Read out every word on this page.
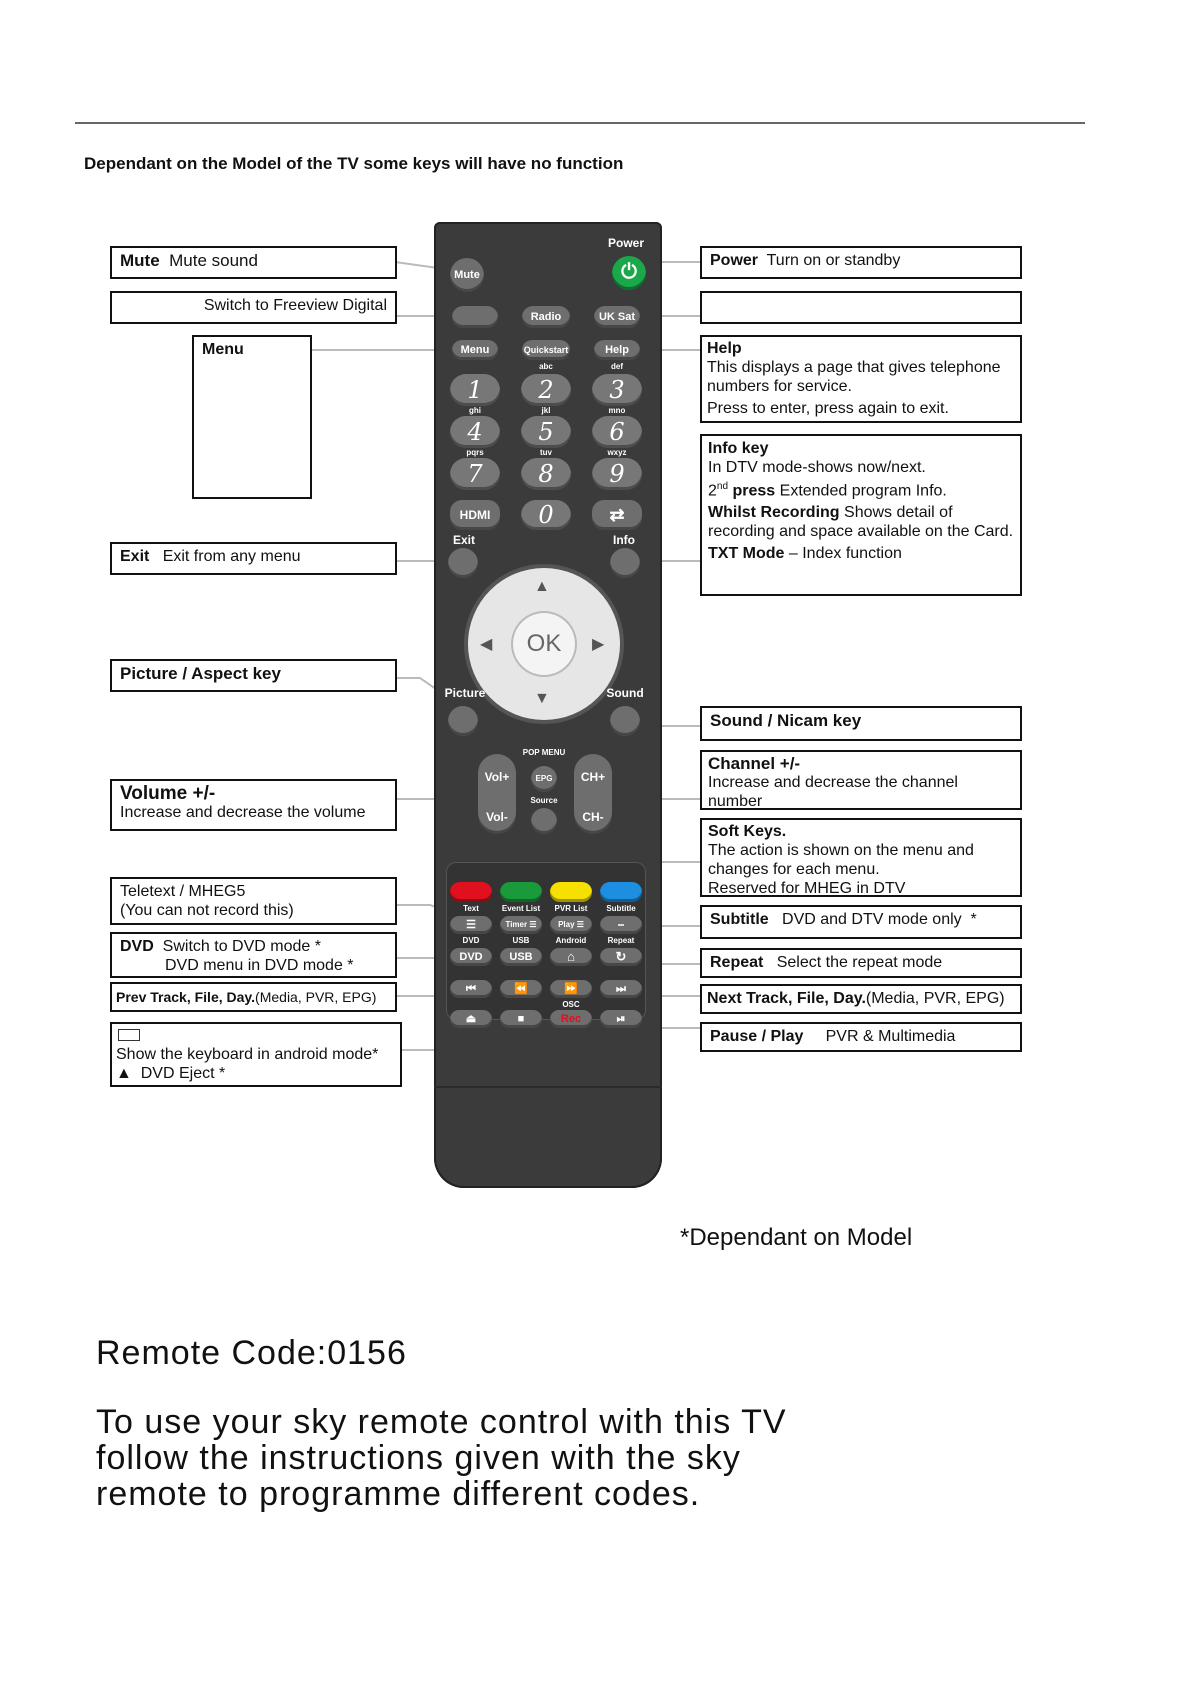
Dependant on the Model of the TV some keys will have no function
Mute Mute sound
Switch to Freeview Digital
Menu
Exit Exit from any menu
Picture / Aspect key
Volume +/-
Increase and decrease the volume
Teletext / MHEG5
(You can not record this)
DVD Switch to DVD mode *
DVD menu in DVD mode *
Prev Track, File, Day.(Media, PVR, EPG)
Show the keyboard in android mode*
▲ DVD Eject *
Power Turn on or standby
Help
This displays a page that gives telephone numbers for service.
Press to enter, press again to exit.
Info key
In DTV mode-shows now/next.
2nd press Extended program Info.
Whilst Recording Shows detail of recording and space available on the Card.
TXT Mode – Index function
Sound / Nicam key
Channel +/-
Increase and decrease the channel number
Soft Keys.
The action is shown on the menu and changes for each menu.
Reserved for MHEG in DTV
Subtitle DVD and DTV mode only *
Repeat Select the repeat mode
Next Track, File, Day.(Media, PVR, EPG)
Pause / Play PVR & Multimedia
Power
⏻
Mute
Radio	UK Sat
Menu	Quickstart	Help
abc	def
1	2	3
ghi	jkl	mno
4	5	6
pqrs	tuv	wxyz
7	8	9
HDMI	0	⇄
Exit	Info
▲
▼
◀	▶
OK
Picture	Sound
POP MENU
Vol+
Vol-
EPG
Source
CH+
CH-
Text	Event List	PVR List	Subtitle
☰	Timer ☰	Play ☰	⎯
DVD	USB	Android	Repeat
DVD	USB	⌂	↻
⏮	⏪	⏩	⏭
OSC
⏏	■	Rec	⏯
*Dependant on Model
Remote Code:0156
To use your sky remote control with this TV follow the instructions given with the sky remote to programme different codes.
